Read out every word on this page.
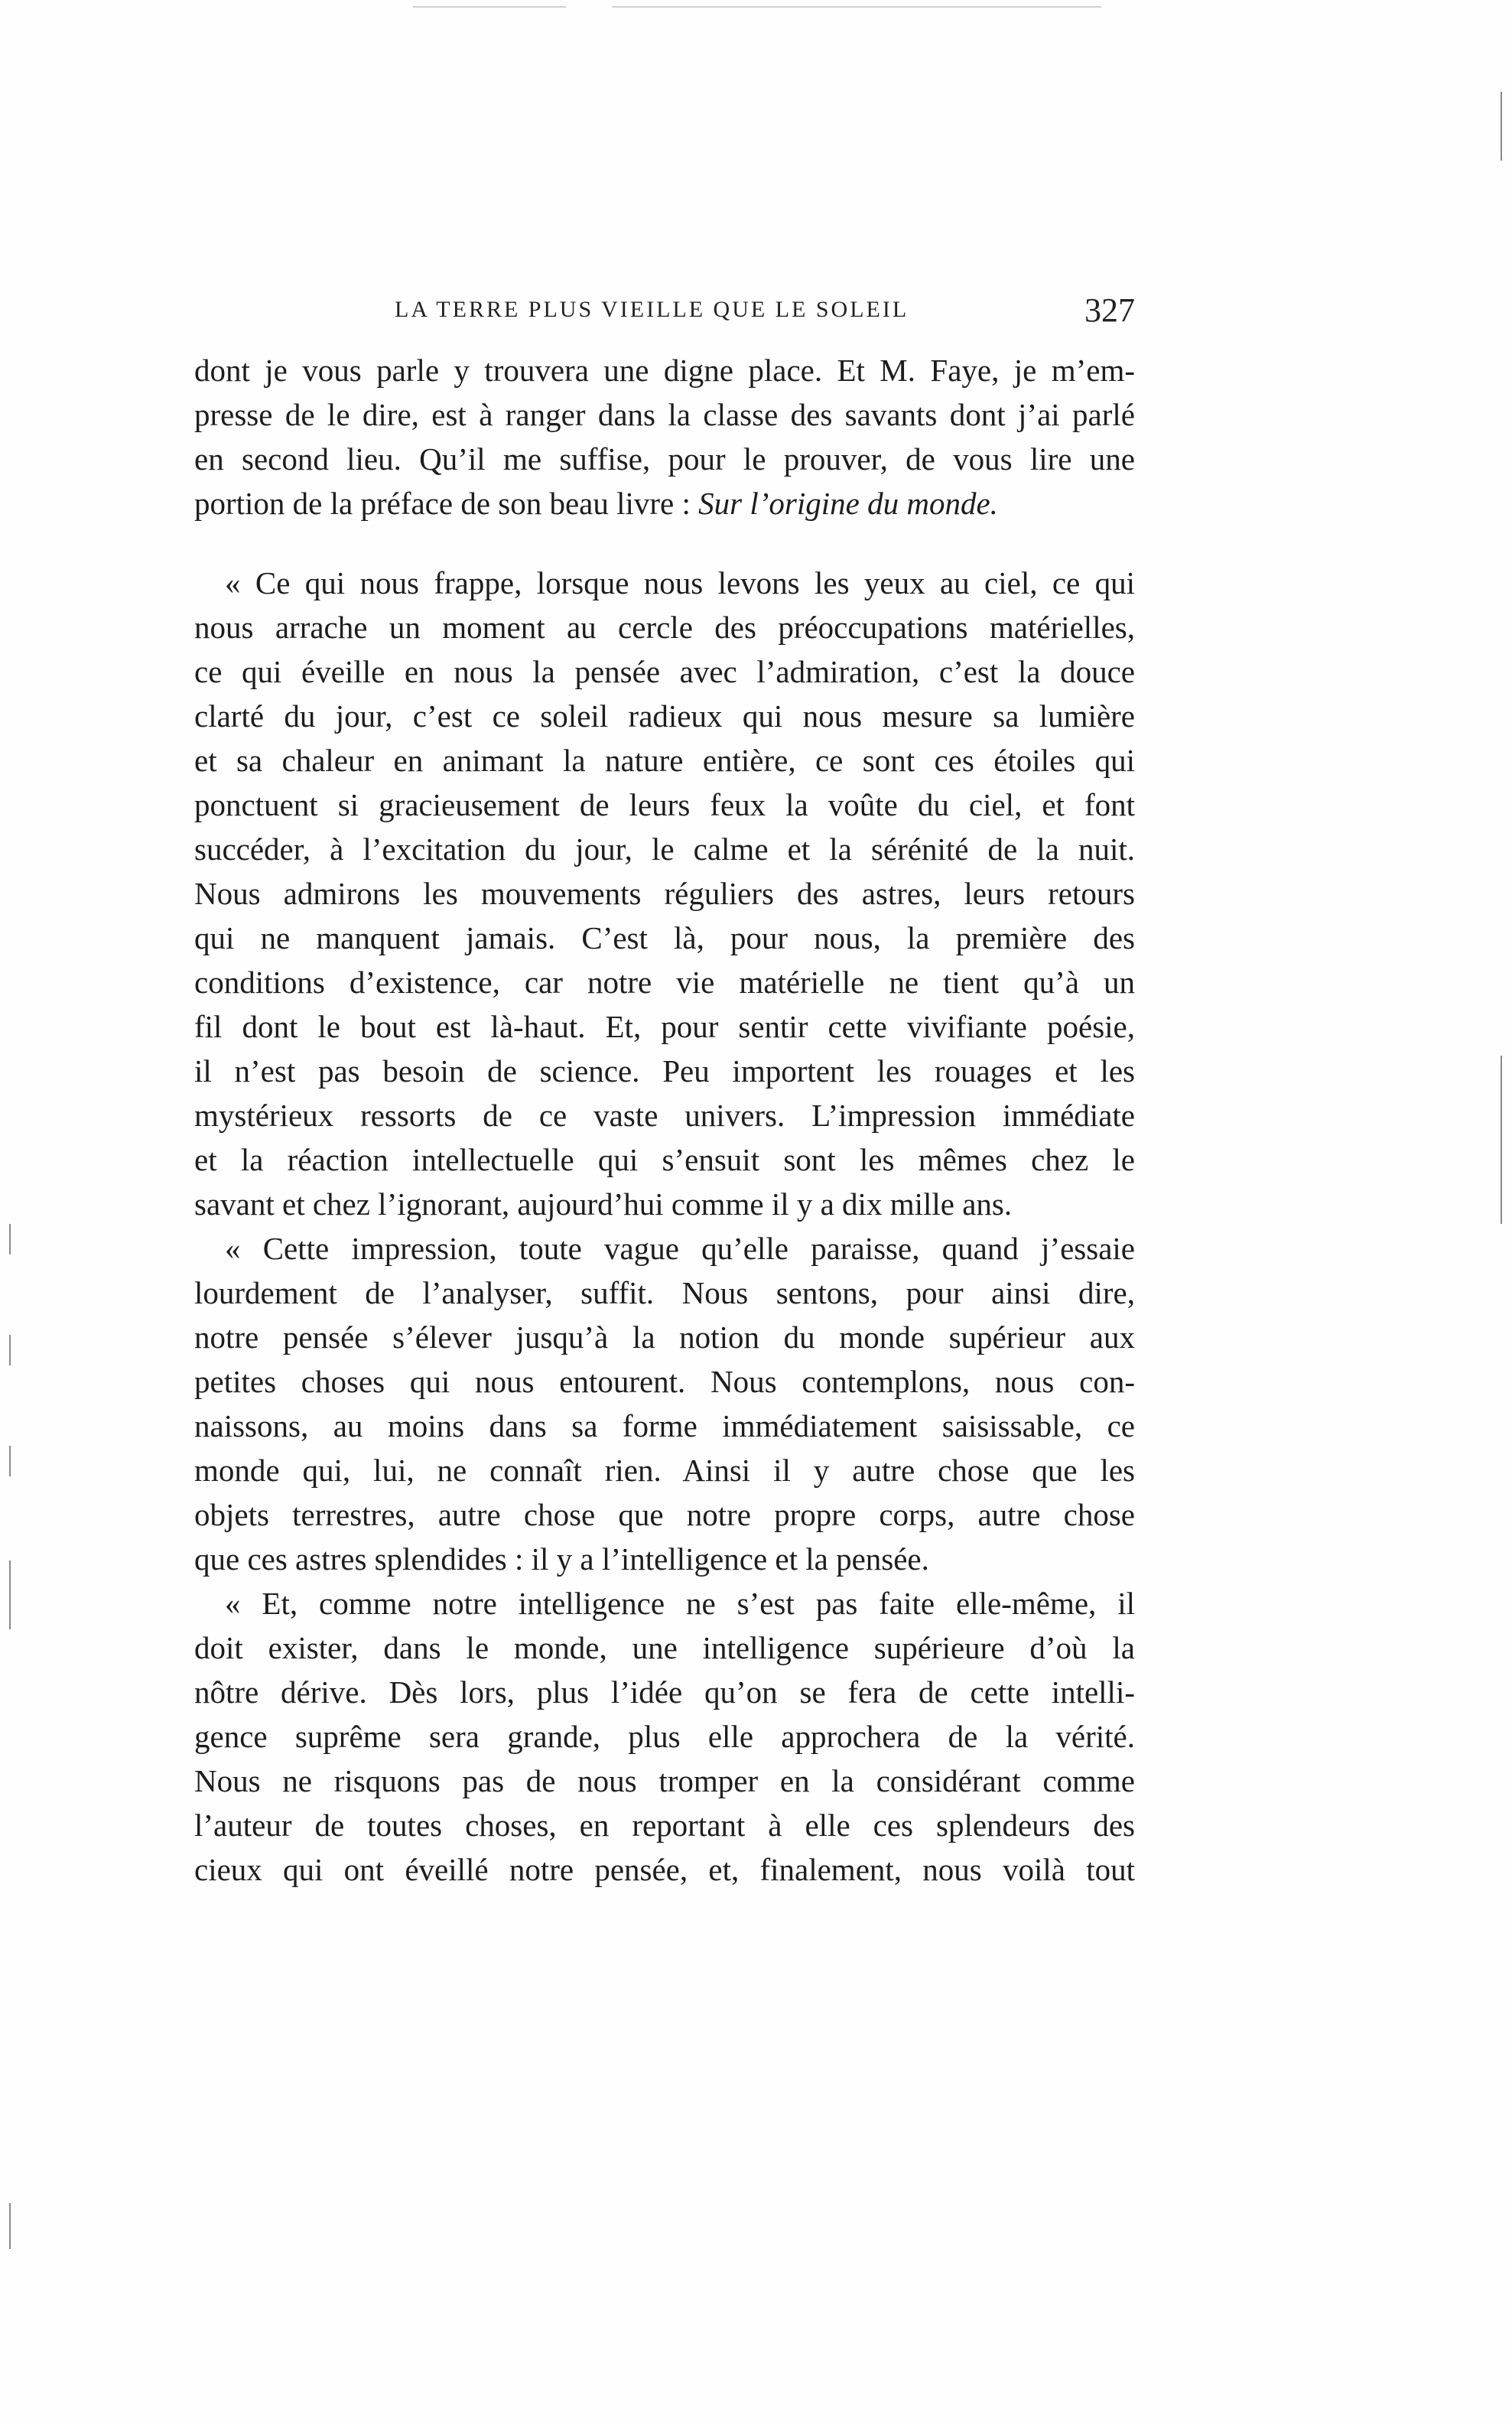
LA TERRE PLUS VIEILLE QUE LE SOLEIL	327
dont je vous parle y trouvera une digne place. Et M. Faye, je m’em-
presse de le dire, est à ranger dans la classe des savants dont j’ai parlé
en second lieu. Qu’il me suffise, pour le prouver, de vous lire une
portion de la préface de son beau livre : Sur l’origine du monde.
« Ce qui nous frappe, lorsque nous levons les yeux au ciel, ce qui
nous arrache un moment au cercle des préoccupations matérielles,
ce qui éveille en nous la pensée avec l’admiration, c’est la douce
clarté du jour, c’est ce soleil radieux qui nous mesure sa lumière
et sa chaleur en animant la nature entière, ce sont ces étoiles qui
ponctuent si gracieusement de leurs feux la voûte du ciel, et font
succéder, à l’excitation du jour, le calme et la sérénité de la nuit.
Nous admirons les mouvements réguliers des astres, leurs retours
qui ne manquent jamais. C’est là, pour nous, la première des
conditions d’existence, car notre vie matérielle ne tient qu’à un
fil dont le bout est là-haut. Et, pour sentir cette vivifiante poésie,
il n’est pas besoin de science. Peu importent les rouages et les
mystérieux ressorts de ce vaste univers. L’impression immédiate
et la réaction intellectuelle qui s’ensuit sont les mêmes chez le
savant et chez l’ignorant, aujourd’hui comme il y a dix mille ans.
« Cette impression, toute vague qu’elle paraisse, quand j’essaie
lourdement de l’analyser, suffit. Nous sentons, pour ainsi dire,
notre pensée s’élever jusqu’à la notion du monde supérieur aux
petites choses qui nous entourent. Nous contemplons, nous con-
naissons, au moins dans sa forme immédiatement saisissable, ce
monde qui, lui, ne connaît rien. Ainsi il y autre chose que les
objets terrestres, autre chose que notre propre corps, autre chose
que ces astres splendides : il y a l’intelligence et la pensée.
« Et, comme notre intelligence ne s’est pas faite elle-même, il
doit exister, dans le monde, une intelligence supérieure d’où la
nôtre dérive. Dès lors, plus l’idée qu’on se fera de cette intelli-
gence suprême sera grande, plus elle approchera de la vérité.
Nous ne risquons pas de nous tromper en la considérant comme
l’auteur de toutes choses, en reportant à elle ces splendeurs des
cieux qui ont éveillé notre pensée, et, finalement, nous voilà tout
